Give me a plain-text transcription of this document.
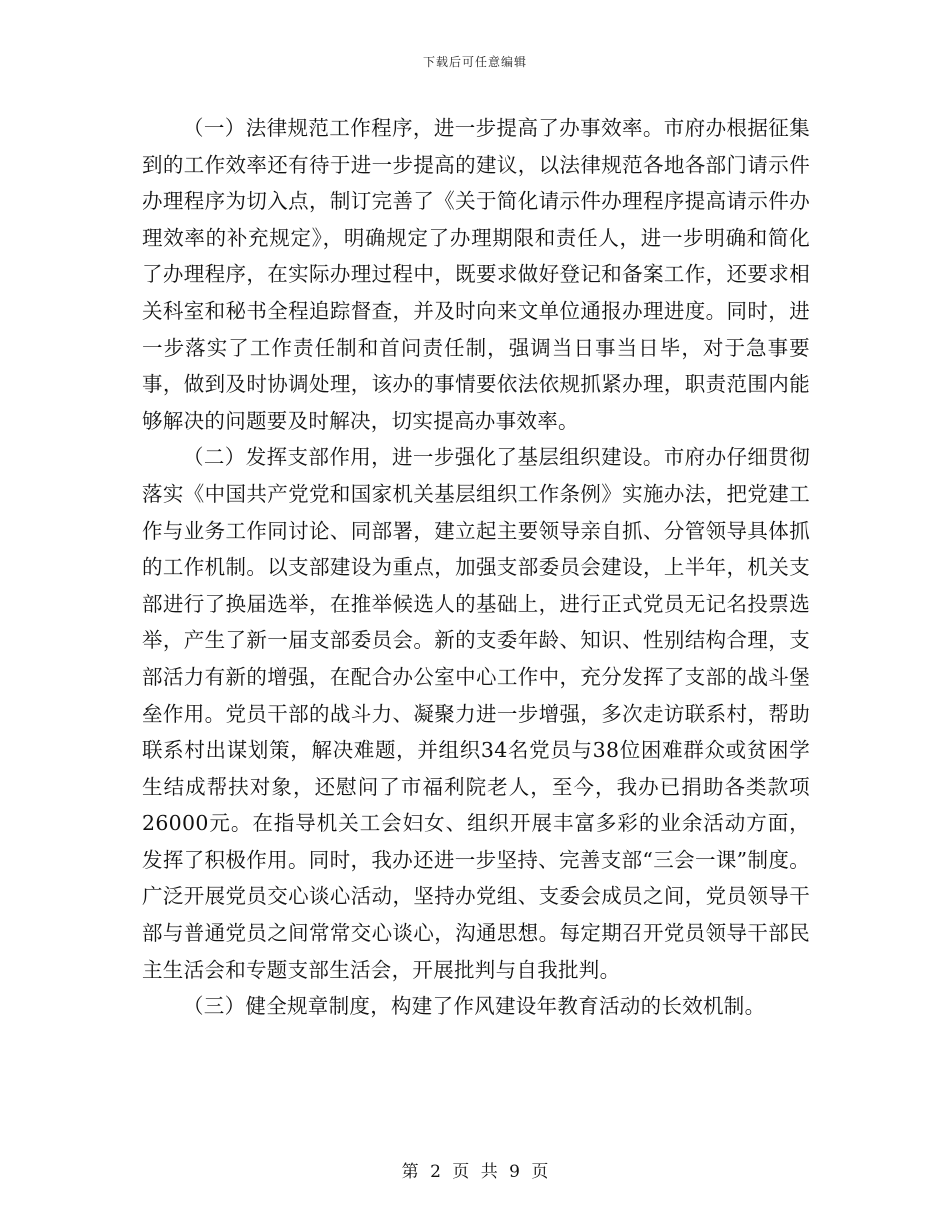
下载后可任意编辑

（一）法律规范工作程序，进一步提高了办事效率。市府办根据征集到的工作效率还有待于进一步提高的建议，以法律规范各地各部门请示件办理程序为切入点，制订完善了《关于简化请示件办理程序提高请示件办理效率的补充规定》，明确规定了办理期限和责任人，进一步明确和简化了办理程序，在实际办理过程中，既要求做好登记和备案工作，还要求相关科室和秘书全程追踪督查，并及时向来文单位通报办理进度。同时，进一步落实了工作责任制和首问责任制，强调当日事当日毕，对于急事要事，做到及时协调处理，该办的事情要依法依规抓紧办理，职责范围内能够解决的问题要及时解决，切实提高办事效率。

（二）发挥支部作用，进一步强化了基层组织建设。市府办仔细贯彻落实《中国共产党党和国家机关基层组织工作条例》实施办法，把党建工作与业务工作同讨论、同部署，建立起主要领导亲自抓、分管领导具体抓的工作机制。以支部建设为重点，加强支部委员会建设，上半年，机关支部进行了换届选举，在推举候选人的基础上，进行正式党员无记名投票选举，产生了新一届支部委员会。新的支委年龄、知识、性别结构合理，支部活力有新的增强，在配合办公室中心工作中，充分发挥了支部的战斗堡垒作用。党员干部的战斗力、凝聚力进一步增强，多次走访联系村，帮助联系村出谋划策，解决难题，并组织34名党员与38位困难群众或贫困学生结成帮扶对象，还慰问了市福利院老人，至今，我办已捐助各类款项26000元。在指导机关工会妇女、组织开展丰富多彩的业余活动方面，发挥了积极作用。同时，我办还进一步坚持、完善支部“三会一课”制度。广泛开展党员交心谈心活动，坚持办党组、支委会成员之间，党员领导干部与普通党员之间常常交心谈心，沟通思想。每定期召开党员领导干部民主生活会和专题支部生活会，开展批判与自我批判。

（三）健全规章制度，构建了作风建设年教育活动的长效机制。

第 2 页 共 9 页
